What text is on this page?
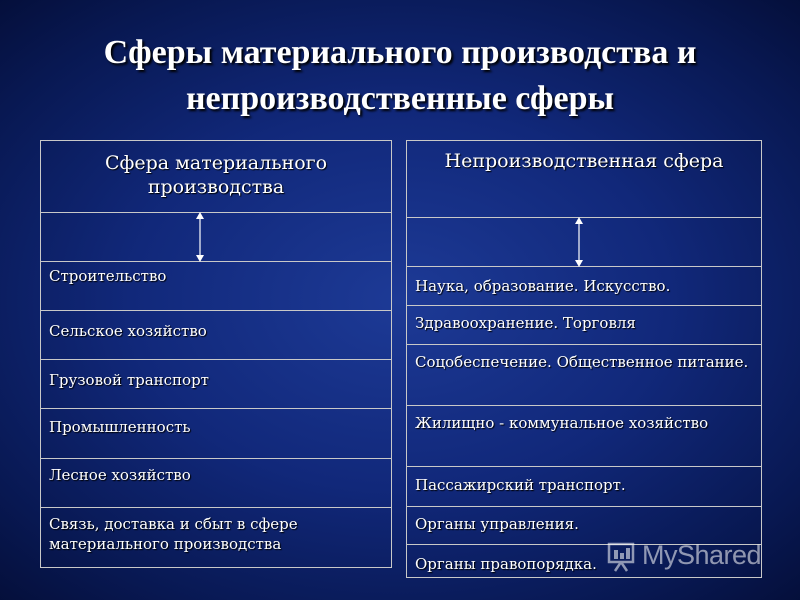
Сферы материального производства и
непроизводственные сферы
Сфера материального производства
Строительство
Сельское хозяйство
Грузовой транспорт
Промышленность
Лесное хозяйство
Связь, доставка и сбыт в сфере материального производства
Непроизводственная сфера
Наука, образование. Искусство.
Здравоохранение. Торговля
Соцобеспечение. Общественное питание.
Жилищно - коммунальное хозяйство
Пассажирский транспорт.
Органы управления.
Органы правопорядка.	MyShared
